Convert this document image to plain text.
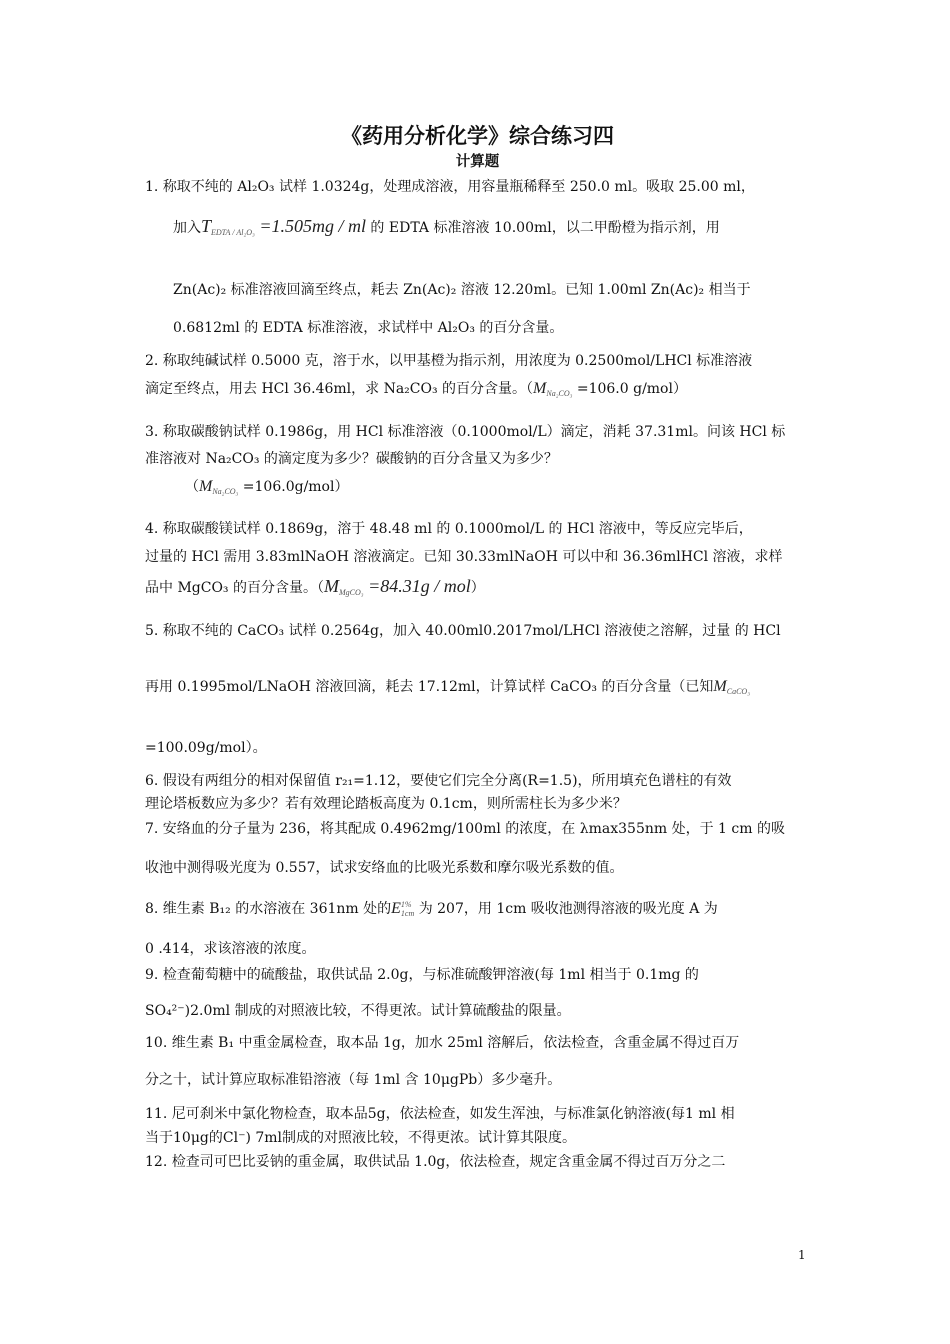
《药用分析化学》综合练习四
计算题
1. 称取不纯的 Al₂O₃ 试样 1.0324g，处理成溶液，用容量瓶稀释至 250.0 ml。吸取 25.00 ml，
加入$T_{EDTA / Al_2O_3} =1.505mg$ / ml 的 EDTA 标准溶液 10.00ml，以二甲酚橙为指示剂，用
Zn(Ac)₂ 标准溶液回滴至终点，耗去 Zn(Ac)₂ 溶液 12.20ml。已知 1.00ml Zn(Ac)₂ 相当于
0.6812ml 的 EDTA 标准溶液，求试样中 Al₂O₃ 的百分含量。
2. 称取纯碱试样 0.5000 克，溶于水，以甲基橙为指示剂，用浓度为 0.2500mol/LHCl 标准溶液
滴定至终点，用去 HCl 36.46ml，求 Na₂CO₃ 的百分含量。（$M_{Na_2CO_3} =106.0$ g/mol）
3. 称取碳酸钠试样 0.1986g，用 HCl 标准溶液（0.1000mol/L）滴定，消耗 37.31ml。问该 HCl 标
准溶液对 Na₂CO₃ 的滴定度为多少？碳酸钠的百分含量又为多少？
$(M_{Na_2CO_3} =106.0g/mol)$
4. 称取碳酸镁试样 0.1869g，溶于 48.48 ml 的 0.1000mol/L 的 HCl 溶液中，等反应完毕后，
过量的 HCl 需用 3.83mlNaOH 溶液滴定。已知 30.33mlNaOH 可以中和 36.36mlHCl 溶液，求样
品中 MgCO₃ 的百分含量。$(M_{MgCO_3} =84.31g / mol)$
5. 称取不纯的 CaCO₃ 试样 0.2564g，加入 40.00ml0.2017mol/LHCl 溶液使之溶解，过量 的 HCl
再用 0.1995mol/LNaOH 溶液回滴，耗去 17.12ml，计算试样 CaCO₃ 的百分含量（已知$M_{CaCO_3}$
=100.09g/mol）。
6. 假设有两组分的相对保留值 r₂₁=1.12，要使它们完全分离(R=1.5)，所用填充色谱柱的有效
理论塔板数应为多少？若有效理论踏板高度为 0.1cm，则所需柱长为多少米？
7. 安络血的分子量为 236，将其配成 0.4962mg/100ml 的浓度，在 λmax355nm 处，于 1 cm 的吸
收池中测得吸光度为 0.557，试求安络血的比吸光系数和摩尔吸光系数的值。
8. 维生素 B₁₂ 的水溶液在 361nm 处的E 1%
1cm 为 207，用 1cm 吸收池测得溶液的吸光度 A 为
0 .414，求该溶液的浓度。
9. 检查葡萄糖中的硫酸盐，取供试品 2.0g，与标准硫酸钾溶液(每 1ml 相当于 0.1mg 的
SO₄²⁻)2.0ml 制成的对照液比较，不得更浓。试计算硫酸盐的限量。
10. 维生素 B₁ 中重金属检查，取本品 1g，加水 25ml 溶解后，依法检查，含重金属不得过百万
分之十，试计算应取标准铅溶液（每 1ml 含 10μgPb）多少毫升。
11. 尼可刹米中氯化物检查，取本品5g，依法检查，如发生浑浊，与标准氯化钠溶液(每1 ml 相
当于10μg的Cl⁻) 7ml制成的对照液比较，不得更浓。试计算其限度。
12. 检查司可巴比妥钠的重金属，取供试品 1.0g，依法检查，规定含重金属不得过百万分之二
1
